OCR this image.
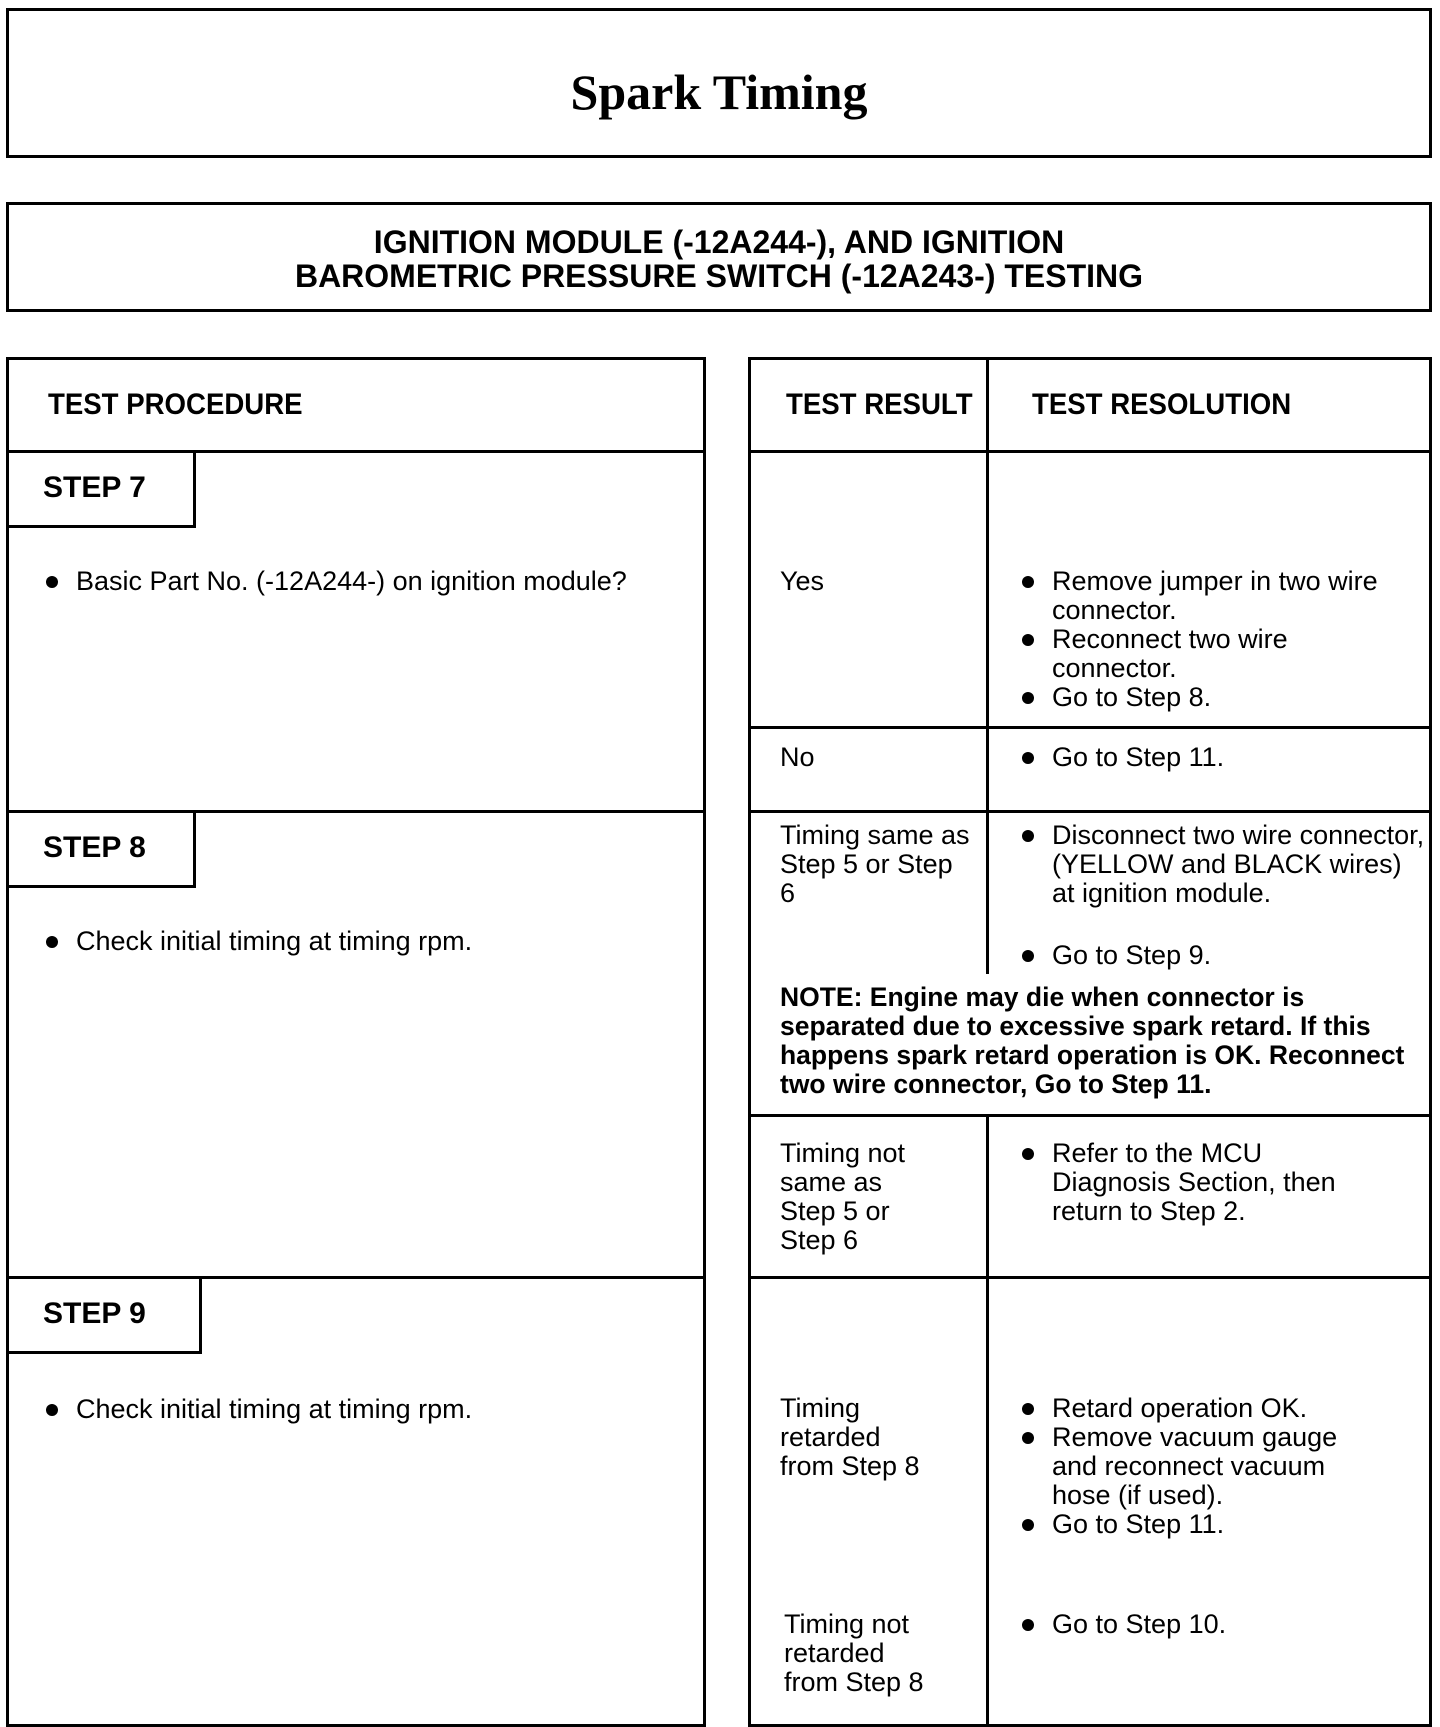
Spark Timing
IGNITION MODULE (-12A244-), AND IGNITION
BAROMETRIC PRESSURE SWITCH (-12A243-) TESTING
TEST PROCEDURE
STEP 7
Basic Part No. (-12A244-) on ignition module?
STEP 8
Check initial timing at timing rpm.
STEP 9
Check initial timing at timing rpm.
TEST RESULT TEST RESOLUTION
Yes	Remove jumper in two wire connector.
Reconnect two wire connector.
Go to Step 8.
No	Go to Step 11.
Timing same as Step 5 or Step 6
Disconnect two wire connector, (YELLOW and BLACK wires) at ignition module.
Go to Step 9.
NOTE: Engine may die when connector is separated due to excessive spark retard. If this happens spark retard operation is OK. Reconnect two wire connector, Go to Step 11.
Timing not same as Step 5 or Step 6
Refer to the MCU Diagnosis Section, then return to Step 2.
Timing retarded from Step 8
Retard operation OK.
Remove vacuum gauge and reconnect vacuum hose (if used).
Go to Step 11.
Timing not retarded from Step 8
Go to Step 10.
